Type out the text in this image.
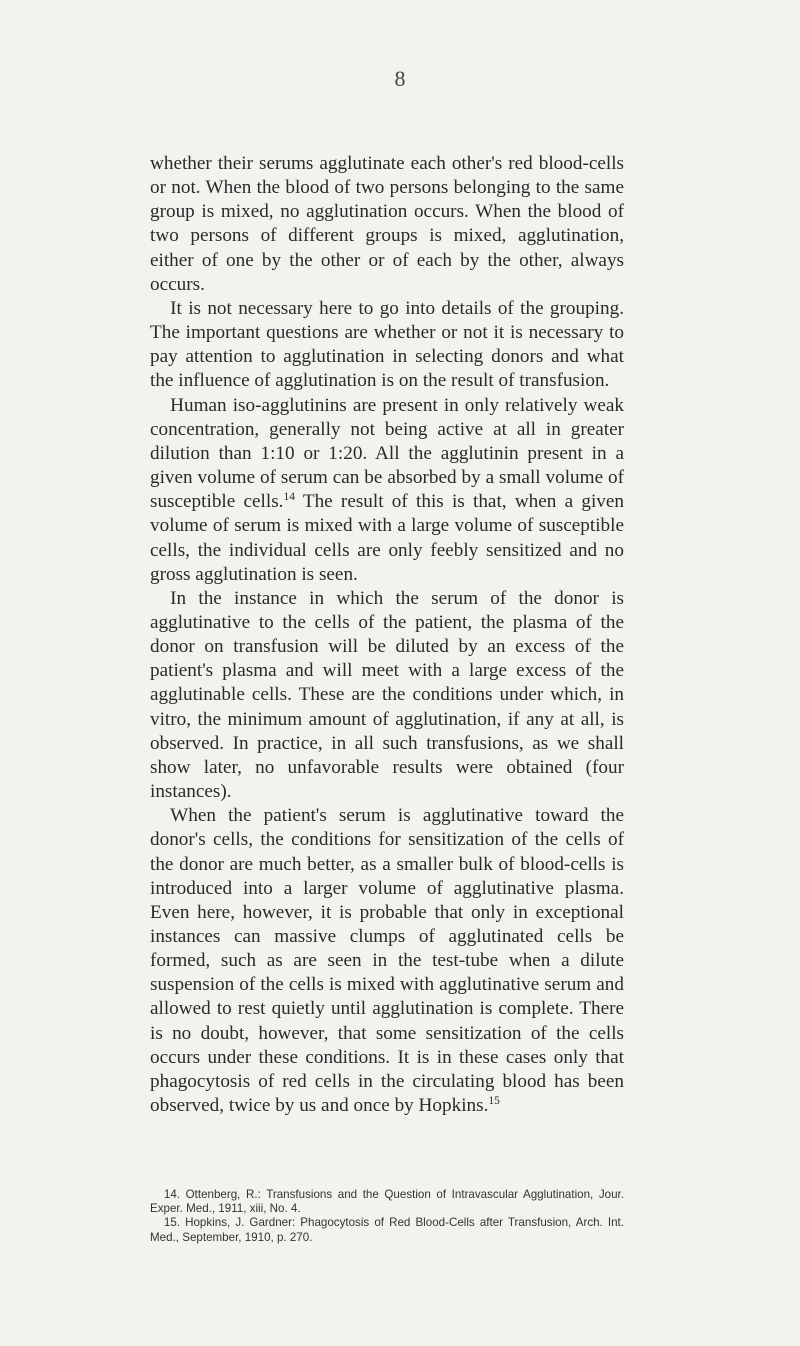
8

whether their serums agglutinate each other's red blood-cells or not. When the blood of two persons belonging to the same group is mixed, no agglutination occurs. When the blood of two persons of different groups is mixed, agglutination, either of one by the other or of each by the other, always occurs.

It is not necessary here to go into details of the grouping. The important questions are whether or not it is necessary to pay attention to agglutination in selecting donors and what the influence of agglutination is on the result of transfusion.

Human iso-agglutinins are present in only relatively weak concentration, generally not being active at all in greater dilution than 1:10 or 1:20. All the agglutinin present in a given volume of serum can be absorbed by a small volume of susceptible cells.$^{14}$ The result of this is that, when a given volume of serum is mixed with a large volume of susceptible cells, the individual cells are only feebly sensitized and no gross agglutination is seen.

In the instance in which the serum of the donor is agglutinative to the cells of the patient, the plasma of the donor on transfusion will be diluted by an excess of the patient's plasma and will meet with a large excess of the agglutinable cells. These are the conditions under which, in vitro, the minimum amount of agglutination, if any at all, is observed. In practice, in all such transfusions, as we shall show later, no unfavorable results were obtained (four instances).

When the patient's serum is agglutinative toward the donor's cells, the conditions for sensitization of the cells of the donor are much better, as a smaller bulk of blood-cells is introduced into a larger volume of agglutinative plasma. Even here, however, it is probable that only in exceptional instances can massive clumps of agglutinated cells be formed, such as are seen in the test-tube when a dilute suspension of the cells is mixed with agglutinative serum and allowed to rest quietly until agglutination is complete. There is no doubt, however, that some sensitization of the cells occurs under these conditions. It is in these cases only that phagocytosis of red cells in the circulating blood has been observed, twice by us and once by Hopkins.$^{15}$

14. Ottenberg, R.: Transfusions and the Question of Intravascular Agglutination, Jour. Exper. Med., 1911, xiii, No. 4.

15. Hopkins, J. Gardner: Phagocytosis of Red Blood-Cells after Transfusion, Arch. Int. Med., September, 1910, p. 270.
